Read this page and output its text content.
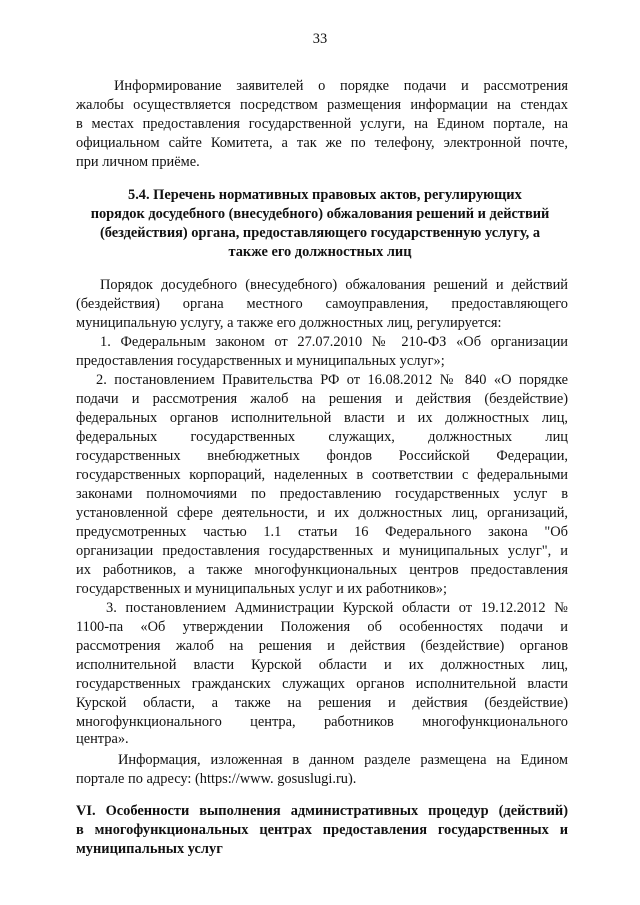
33
Информирование заявителей о порядке подачи и рассмотрения
жалобы осуществляется посредством размещения информации на стендах
в местах предоставления государственной услуги, на Едином портале, на
официальном сайте Комитета, а так же по телефону, электронной почте,
при личном приёме.
5.4. Перечень нормативных правовых актов, регулирующих
порядок досудебного (внесудебного) обжалования решений и действий
(бездействия) органа, предоставляющего государственную услугу, а
также его должностных лиц
Порядок досудебного (внесудебного) обжалования решений и действий
(бездействия) органа местного самоуправления, предоставляющего
муниципальную услугу, а также его должностных лиц, регулируется:
1. Федеральным законом от 27.07.2010 № 210-ФЗ «Об организации
предоставления государственных и муниципальных услуг»;
2. постановлением Правительства РФ от 16.08.2012 № 840 «О порядке
подачи и рассмотрения жалоб на решения и действия (бездействие)
федеральных органов исполнительной власти и их должностных лиц,
федеральных государственных служащих, должностных лиц
государственных внебюджетных фондов Российской Федерации,
государственных корпораций, наделенных в соответствии с федеральными
законами полномочиями по предоставлению государственных услуг в
установленной сфере деятельности, и их должностных лиц, организаций,
предусмотренных частью 1.1 статьи 16 Федерального закона "Об
организации предоставления государственных и муниципальных услуг", и
их работников, а также многофункциональных центров предоставления
государственных и муниципальных услуг и их работников»;
3. постановлением Администрации Курской области от 19.12.2012 №
1100-па «Об утверждении Положения об особенностях подачи и
рассмотрения жалоб на решения и действия (бездействие) органов
исполнительной власти Курской области и их должностных лиц,
государственных гражданских служащих органов исполнительной власти
Курской области, а также на решения и действия (бездействие)
многофункционального центра, работников многофункционального
центра».
Информация, изложенная в данном разделе размещена на Едином
портале по адресу: (https://www. gosuslugi.ru).
VI. Особенности выполнения административных процедур (действий)
в многофункциональных центрах предоставления государственных и
муниципальных услуг
